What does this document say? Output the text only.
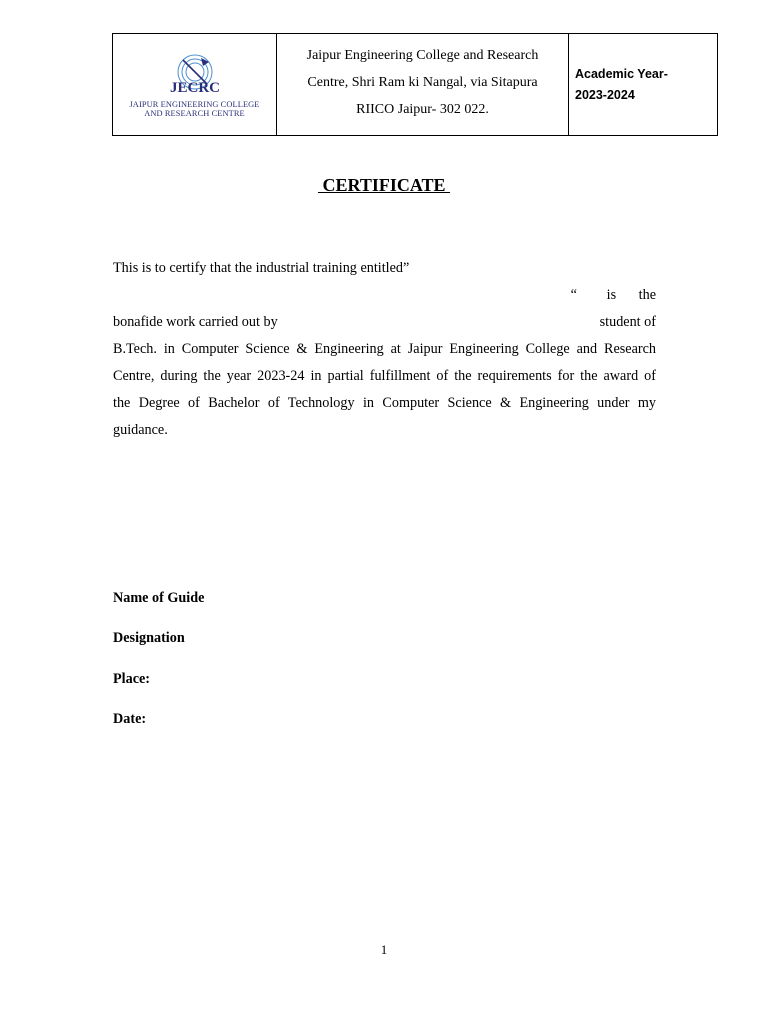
JECRC
JAIPUR ENGINEERING COLLEGE
AND RESEARCH CENTRE

Jaipur Engineering College and Research
Centre, Shri Ram ki Nangal, via Sitapura
RIICO Jaipur- 302 022.

Academic Year-
2023-2024
CERTIFICATE
This is to certify that the industrial training entitled”
“	is	the
bonafide work carried out by	student of
B.Tech. in Computer Science & Engineering at Jaipur Engineering College and Research
Centre, during the year 2023-24 in partial fulfillment of the requirements for the award of
the Degree of Bachelor of Technology in Computer Science & Engineering under my
guidance.
Name of Guide
Designation
Place:
Date:
1
